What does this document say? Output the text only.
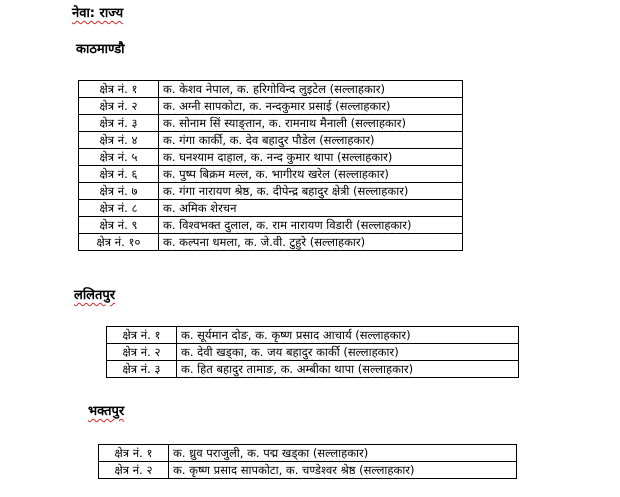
नेवा: राज्य
काठमाण्डौ
क्षेत्र नं. १	क. केशव नेपाल, क. हरिगोविन्द लुइटेल (सल्लाहकार)
क्षेत्र नं. २	क. अग्नी सापकोटा, क. नन्दकुमार प्रसाई (सल्लाहकार)
क्षेत्र नं. ३	क. सोनाम सिं स्याङ्तान, क. रामनाथ मैनाली (सल्लाहकार)
क्षेत्र नं. ४	क. गंगा कार्की, क. देव बहादुर पौडेल (सल्लाहकार)
क्षेत्र नं. ५	क. घनश्याम दाहाल, क. नन्द कुमार थापा (सल्लाहकार)
क्षेत्र नं. ६	क. पुष्प बिक्रम मल्ल, क. भागीरथ खरेल (सल्लाहकार)
क्षेत्र नं. ७	क. गंगा नारायण श्रेष्ठ, क. दीपेन्द्र बहादुर क्षेत्री (सल्लाहकार)
क्षेत्र नं. ८	क. अमिक शेरचन
क्षेत्र नं. ९	क. विश्वभक्त दुलाल, क. राम नारायण विडारी (सल्लाहकार)
क्षेत्र नं. १०	क. कल्पना धमला, क. जे.वी. टुहुरे (सल्लाहकार)
ललितपुर
क्षेत्र नं. १	क. सूर्यमान दोङ, क. कृष्ण प्रसाद आचार्य (सल्लाहकार)
क्षेत्र नं. २	क. देवी खड्का, क. जय बहादुर कार्की (सल्लाहकार)
क्षेत्र नं. ३	क. हित बहादुर तामाङ, क. अम्बीका थापा (सल्लाहकार)
भक्तपुर
क्षेत्र नं. १	क. ध्रुव पराजुली, क. पद्म खड्का (सल्लाहकार)
क्षेत्र नं. २	क. कृष्ण प्रसाद सापकोटा, क. चण्डेश्वर श्रेष्ठ (सल्लाहकार)
